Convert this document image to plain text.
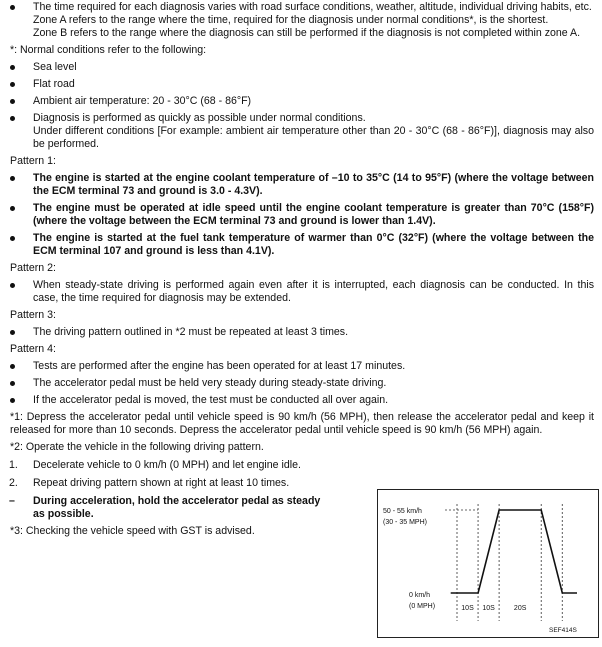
The time required for each diagnosis varies with road surface conditions, weather, altitude, individual driving habits, etc.
Zone A refers to the range where the time, required for the diagnosis under normal conditions*, is the shortest.
Zone B refers to the range where the diagnosis can still be performed if the diagnosis is not completed within zone A.
*: Normal conditions refer to the following:
Sea level
Flat road
Ambient air temperature: 20 - 30°C (68 - 86°F)
Diagnosis is performed as quickly as possible under normal conditions.
Under different conditions [For example: ambient air temperature other than 20 - 30°C (68 - 86°F)], diagnosis may also be performed.
Pattern 1:
The engine is started at the engine coolant temperature of –10 to 35°C (14 to 95°F) (where the voltage between the ECM terminal 73 and ground is 3.0 - 4.3V).
The engine must be operated at idle speed until the engine coolant temperature is greater than 70°C (158°F) (where the voltage between the ECM terminal 73 and ground is lower than 1.4V).
The engine is started at the fuel tank temperature of warmer than 0°C (32°F) (where the voltage between the ECM terminal 107 and ground is less than 4.1V).
Pattern 2:
When steady-state driving is performed again even after it is interrupted, each diagnosis can be conducted. In this case, the time required for diagnosis may be extended.
Pattern 3:
The driving pattern outlined in *2 must be repeated at least 3 times.
Pattern 4:
Tests are performed after the engine has been operated for at least 17 minutes.
The accelerator pedal must be held very steady during steady-state driving.
If the accelerator pedal is moved, the test must be conducted all over again.
*1: Depress the accelerator pedal until vehicle speed is 90 km/h (56 MPH), then release the accelerator pedal and keep it released for more than 10 seconds. Depress the accelerator pedal until vehicle speed is 90 km/h (56 MPH) again.
*2: Operate the vehicle in the following driving pattern.
1. Decelerate vehicle to 0 km/h (0 MPH) and let engine idle.
2. Repeat driving pattern shown at right at least 10 times.
– During acceleration, hold the accelerator pedal as steady as possible.
*3: Checking the vehicle speed with GST is advised.
50 - 55 km/h
(30 - 35 MPH)
0 km/h
(0 MPH)	10S 10S	20S
SEF414S
